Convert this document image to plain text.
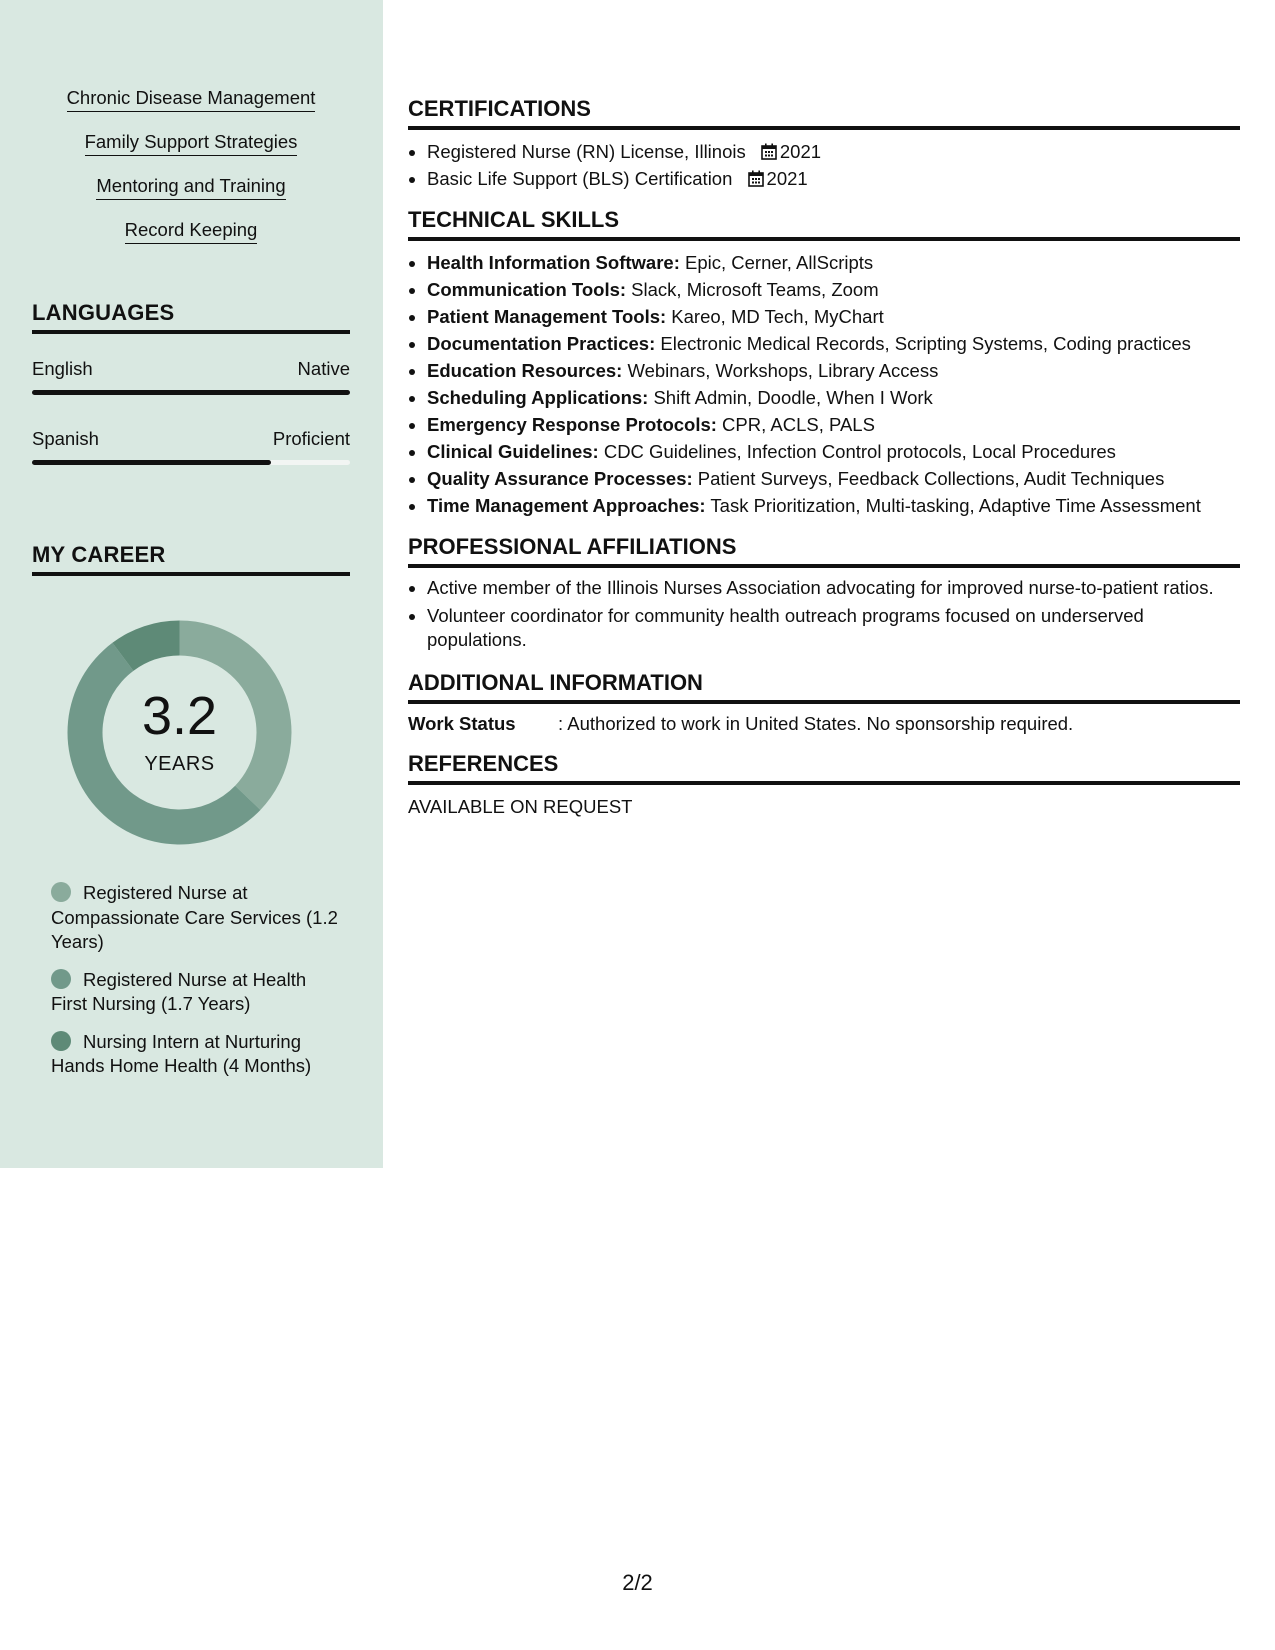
Chronic Disease Management
Family Support Strategies
Mentoring and Training
Record Keeping
LANGUAGES
English	Native
Spanish	Proficient
MY CAREER
3.2
YEARS
Registered Nurse at Compassionate Care Services (1.2 Years)
Registered Nurse at Health First Nursing (1.7 Years)
Nursing Intern at Nurturing Hands Home Health (4 Months)
CERTIFICATIONS
• Registered Nurse (RN) License, Illinois 2021
• Basic Life Support (BLS) Certification 2021
TECHNICAL SKILLS
• Health Information Software: Epic, Cerner, AllScripts
• Communication Tools: Slack, Microsoft Teams, Zoom
• Patient Management Tools: Kareo, MD Tech, MyChart
• Documentation Practices: Electronic Medical Records, Scripting Systems, Coding practices
• Education Resources: Webinars, Workshops, Library Access
• Scheduling Applications: Shift Admin, Doodle, When I Work
• Emergency Response Protocols: CPR, ACLS, PALS
• Clinical Guidelines: CDC Guidelines, Infection Control protocols, Local Procedures
• Quality Assurance Processes: Patient Surveys, Feedback Collections, Audit Techniques
• Time Management Approaches: Task Prioritization, Multi-tasking, Adaptive Time Assessment
PROFESSIONAL AFFILIATIONS
• Active member of the Illinois Nurses Association advocating for improved nurse-to-patient ratios.
• Volunteer coordinator for community health outreach programs focused on underserved populations.
ADDITIONAL INFORMATION
Work Status	: Authorized to work in United States. No sponsorship required.
REFERENCES
AVAILABLE ON REQUEST
2/2
